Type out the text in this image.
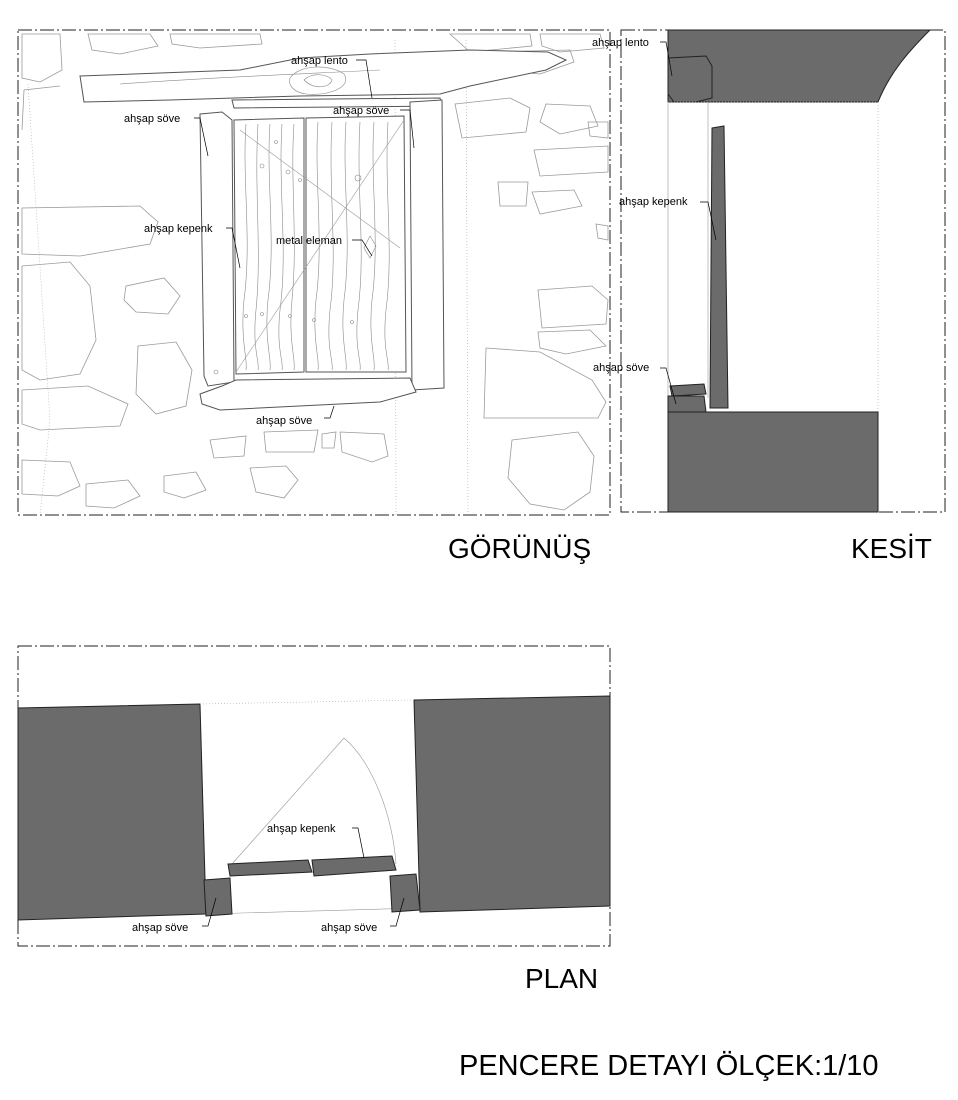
ahşap lento
ahşap söve
ahşap söve
ahşap kepenk
metal eleman
ahşap söve
GÖRÜNÜŞ
ahşap lento
ahşap kepenk
ahşap söve
KESİT
ahşap kepenk
ahşap söve	ahşap söve
PLAN
PENCERE DETAYI ÖLÇEK:1/10
